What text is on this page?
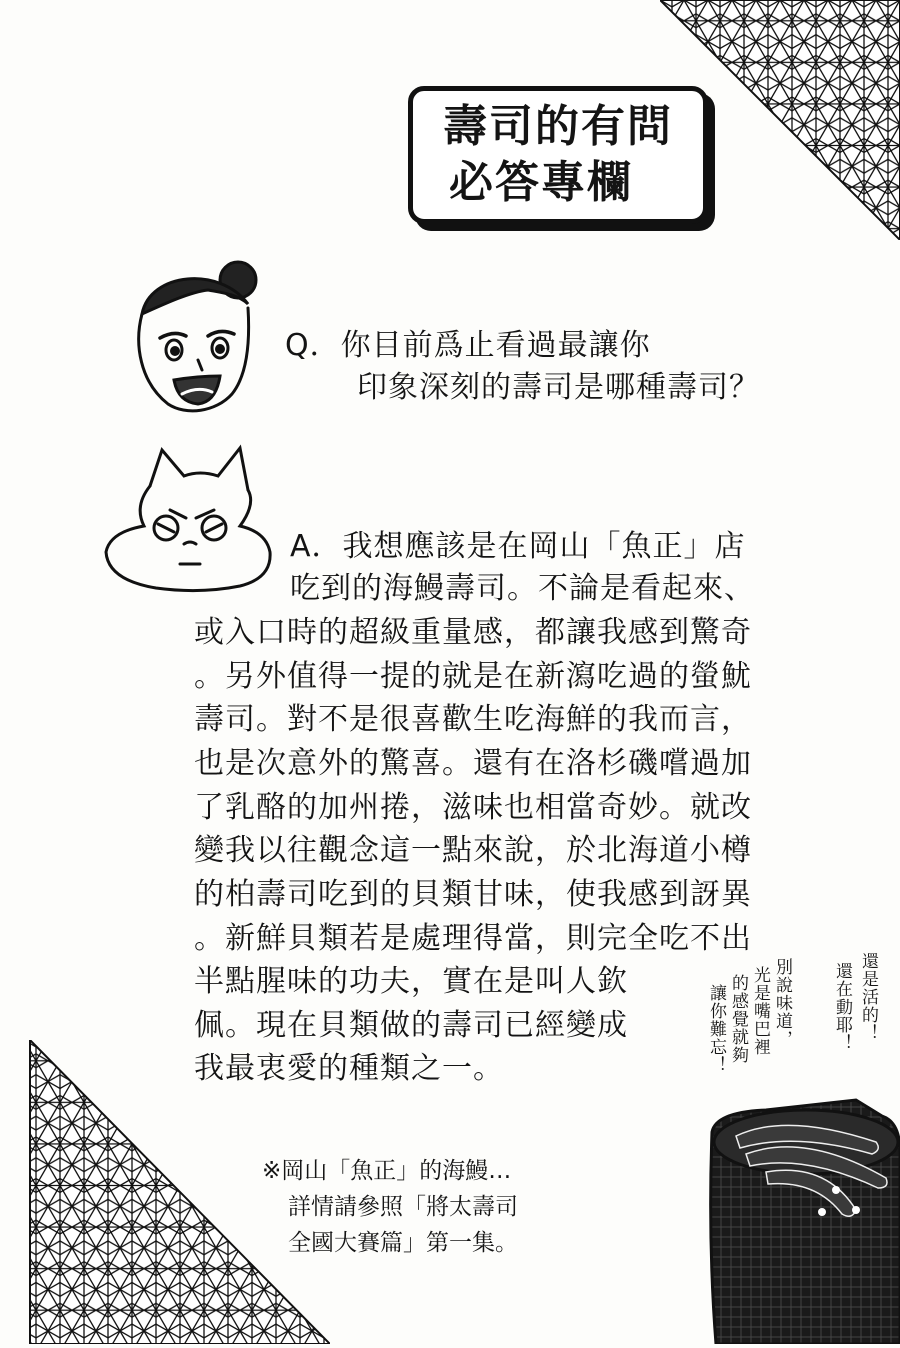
壽司的有問
必答專欄
Q．你目前爲止看過最讓你
印象深刻的壽司是哪種壽司？
A．我想應該是在岡山「魚正」店
吃到的海鰻壽司。不論是看起來、
或入口時的超級重量感，都讓我感到驚奇
。另外值得一提的就是在新瀉吃過的螢魷
壽司。對不是很喜歡生吃海鮮的我而言，
也是次意外的驚喜。還有在洛杉磯嚐過加
了乳酪的加州捲，滋味也相當奇妙。就改
變我以往觀念這一點來說，於北海道小樽
的柏壽司吃到的貝類甘味，使我感到訝異
。新鮮貝類若是處理得當，則完全吃不出
半點腥味的功夫，實在是叫人欽
佩。現在貝類做的壽司已經變成
我最衷愛的種類之一。
※岡山「魚正」的海鰻…
詳情請參照「將太壽司
全國大賽篇」第一集。
還是活的！
還在動耶！
別說味道，
光是嘴巴裡
的感覺就夠
讓你難忘！
